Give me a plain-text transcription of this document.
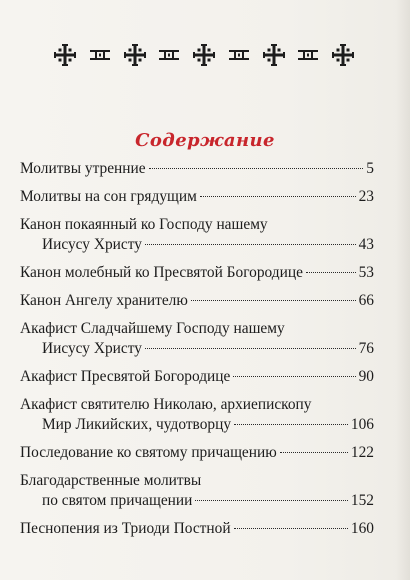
Содержание
Молитвы утренние	5
Молитвы на сон грядущим	23
Канон покаянный ко Господу нашему
Иисусу Христу	43
Канон молебный ко Пресвятой Богородице	53
Канон Ангелу хранителю	66
Акафист Сладчайшему Господу нашему
Иисусу Христу	76
Акафист Пресвятой Богородице	90
Акафист святителю Николаю, архиепископу
Мир Ликийских, чудотворцу	106
Последование ко святому причащению	122
Благодарственные молитвы
по святом причащении	152
Песнопения из Триоди Постной	160
